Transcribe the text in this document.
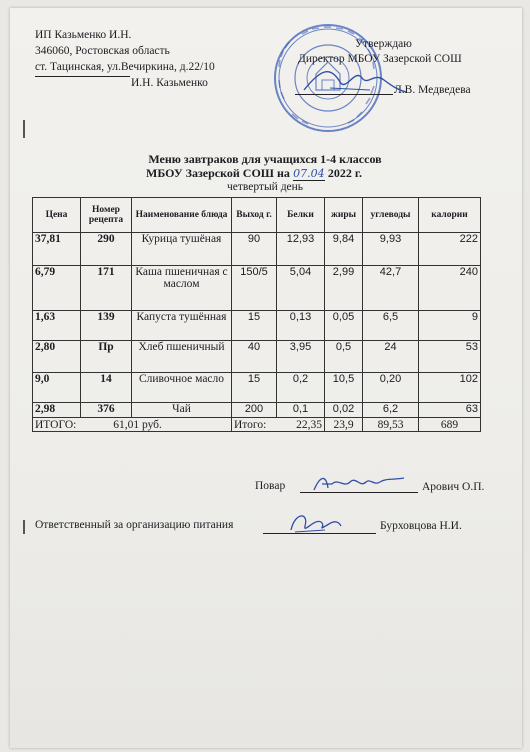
ИП Казьменко И.Н.
346060, Ростовская область
ст. Тацинская, ул.Вечиркина, д.22/10
И.Н. Казьменко
Утверждаю
Директор МБОУ Зазерской СОШ
Л.В. Медведева
Меню завтраков для учащихся 1-4 классов
МБОУ Зазерской СОШ на 07.04 2022 г.
четвертый день
Цена	Номер рецепта	Наименование блюда	Выход г.	Белки	жиры	углеводы	калории
37,81	290	Курица тушёная	90	12,93	9,84	9,93	222
6,79	171	Каша пшеничная с маслом	150/5	5,04	2,99	42,7	240
1,63	139	Капуста тушённая	15	0,13	0,05	6,5	9
2,80	Пр	Хлеб пшеничный	40	3,95	0,5	24	53
9,0	14	Сливочное масло	15	0,2	10,5	0,20	102
2,98	376	Чай	200	0,1	0,02	6,2	63
ИТОГО: 61,01 руб.			Итого: 22,35		23,9	89,53	689
Повар	Арович О.П.
Ответственный за организацию питания	Бурховцова Н.И.
